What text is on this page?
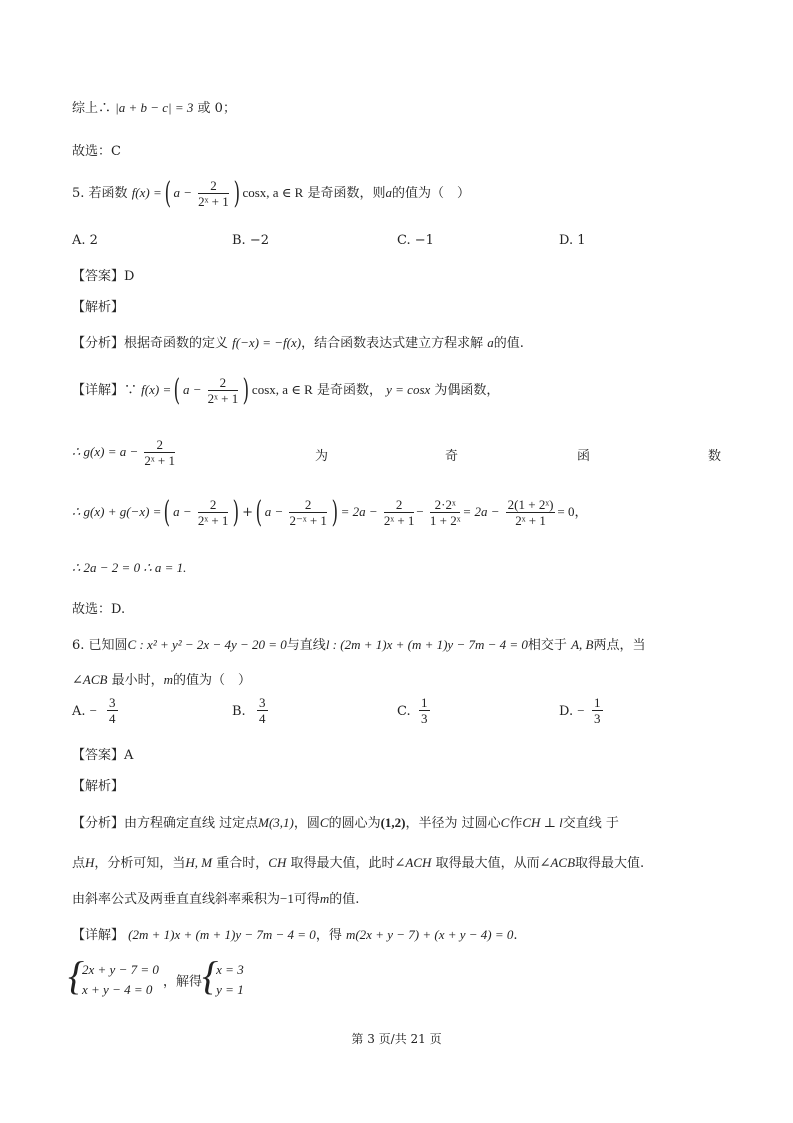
综上∴ |a + b − c| = 3 或 0；
故选：C
5. 若函数 f(x) =( $a - \frac{2}{\text{2ˣ + 1}}$ ) cosx, a ∈ R 是奇函数，则a的值为（　）
A. 2	B. −2	C. −1	D. 1
【答案】D
【解析】
【分析】根据奇函数的定义 f(−x) = −f(x)，结合函数表达式建立方程求解 a的值.
【详解】∵ f(x) =( $a - \frac{2}{\text{2ˣ + 1}}$ ) cosx, a ∈ R 是奇函数， y = cosx 为偶函数，
∴ $g(x) = a - \frac{2}{\text{2ˣ + 1}}$	为	奇	函	数
∴ g(x) + g(−x) =( $a - \frac{2}{\text{2ˣ + 1}}$ ) +( $a - \frac{2}{\text{2⁻ˣ + 1}}$ ) = $2a - \frac{2}{\text{2ˣ + 1}} - \frac{\text{2·2ˣ}}{\text{1 + 2ˣ}} = 2a - \frac{\text{2(1 + 2ˣ)}}{\text{2ˣ + 1}} = 0$，
∴ 2a − 2 = 0 ∴ a = 1.
故选：D.
6. 已知圆C : x² + y² − 2x − 4y − 20 = 0与直线l : (2m + 1)x + (m + 1)y − 7m − 4 = 0相交于 A, B两点，当
∠ACB 最小时，m的值为（　）
A. − $\frac{3}{4}$	B. $\frac{3}{4}$	C. $\frac{1}{3}$	D. − $\frac{1}{3}$
【答案】A
【解析】
【分析】由方程确定直线 过定点M(3,1)，圆C的圆心为(1,2)，半径为 过圆心C作CH ⊥ l交直线 于
点H，分析可知，当H, M 重合时，CH 取得最大值，此时∠ACH 取得最大值，从而∠ACB取得最大值.
由斜率公式及两垂直直线斜率乘积为−1可得m的值.
【详解】 (2m + 1)x + (m + 1)y − 7m − 4 = 0，得 m(2x + y − 7) + (x + y − 4) = 0.
{ 2x + y − 7 = 0
x + y − 4 = 0 ，解得
{ x = 3
y = 1
第 3 页/共 21 页
